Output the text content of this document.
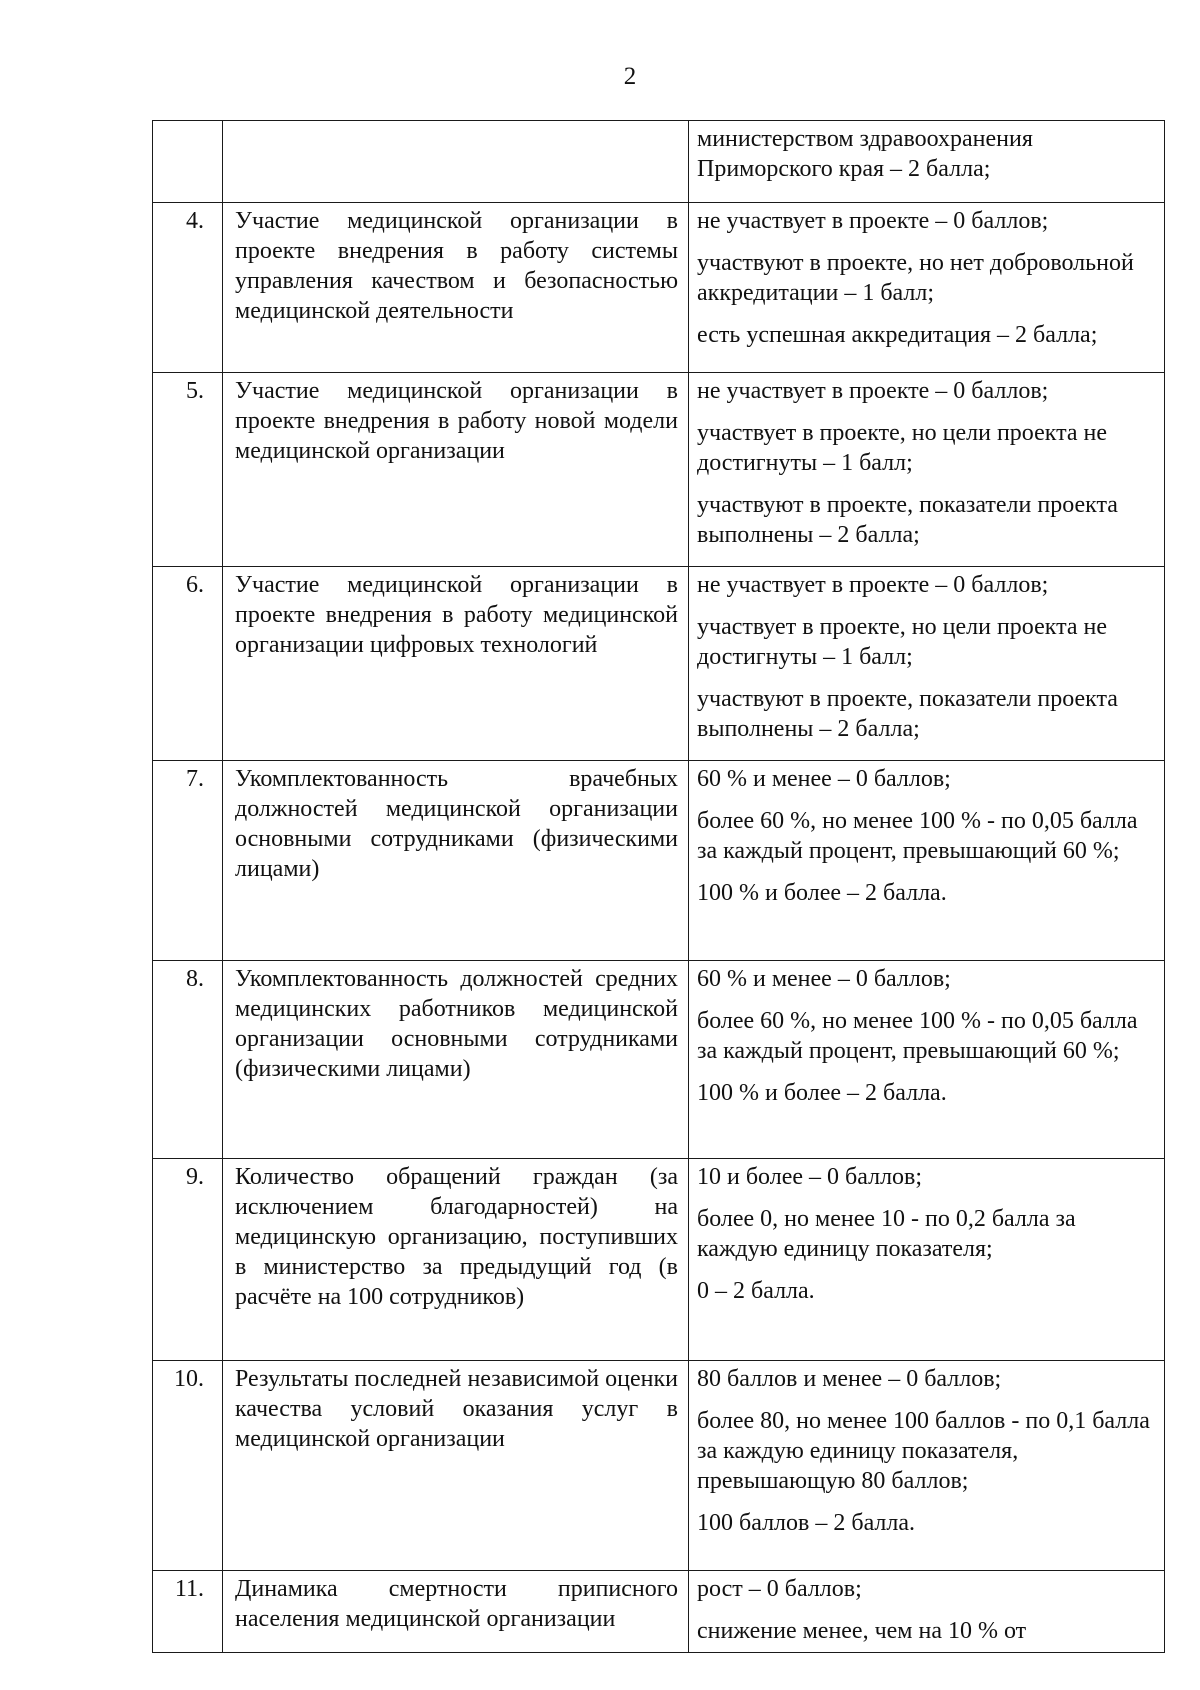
2

		министерством здравоохранения Приморского края – 2 балла;

4.	Участие медицинской организации в проекте внедрения в работу системы управления качеством и безопасностью медицинской деятельности	не участвует в проекте – 0 баллов;
участвуют в проекте, но нет добровольной аккредитации – 1 балл;
есть успешная аккредитация – 2 балла;

5.	Участие медицинской организации в проекте внедрения в работу новой модели медицинской организации	не участвует в проекте – 0 баллов;
участвует в проекте, но цели проекта не достигнуты – 1 балл;
участвуют в проекте, показатели проекта выполнены – 2 балла;

6.	Участие медицинской организации в проекте внедрения в работу медицинской организации цифровых технологий	не участвует в проекте – 0 баллов;
участвует в проекте, но цели проекта не достигнуты – 1 балл;
участвуют в проекте, показатели проекта выполнены – 2 балла;

7.	Укомплектованность врачебных должностей медицинской организации основными сотрудниками (физическими лицами)	60 % и менее – 0 баллов;
более 60 %, но менее 100 % - по 0,05 балла за каждый процент, превышающий 60 %;
100 % и более – 2 балла.

8.	Укомплектованность должностей средних медицинских работников медицинской организации основными сотрудниками (физическими лицами)	60 % и менее – 0 баллов;
более 60 %, но менее 100 % - по 0,05 балла за каждый процент, превышающий 60 %;
100 % и более – 2 балла.

9.	Количество обращений граждан (за исключением благодарностей) на медицинскую организацию, поступивших в министерство за предыдущий год (в расчёте на 100 сотрудников)	10 и более – 0 баллов;
более 0, но менее 10 - по 0,2 балла за каждую единицу показателя;
0 – 2 балла.

10.	Результаты последней независимой оценки качества условий оказания услуг в медицинской организации	80 баллов и менее – 0 баллов;
более 80, но менее 100 баллов - по 0,1 балла за каждую единицу показателя, превышающую 80 баллов;
100 баллов – 2 балла.

11.	Динамика смертности приписного населения медицинской организации	рост – 0 баллов;
снижение менее, чем на 10 % от
